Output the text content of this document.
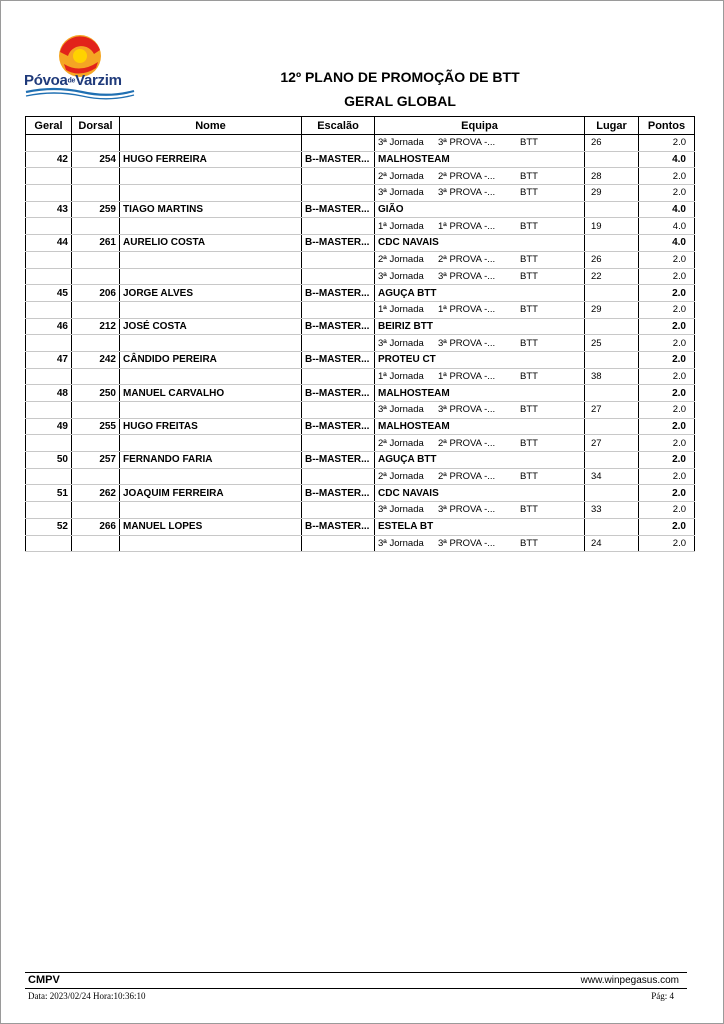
PóvoadeVarzim	12º PLANO DE PROMOÇÃO DE BTT
GERAL GLOBAL
Geral	Dorsal	Nome	Escalão	Equipa	Lugar	Pontos
				3ª Jornada 3ª PROVA -... BTT	26	2.0
42	254	HUGO FERREIRA	B--MASTER...	MALHOSTEAM		4.0
				2ª Jornada 2ª PROVA -... BTT	28	2.0
				3ª Jornada 3ª PROVA -... BTT	29	2.0
43	259	TIAGO MARTINS	B--MASTER...	GIÃO		4.0
				1ª Jornada 1ª PROVA -... BTT	19	4.0
44	261	AURELIO COSTA	B--MASTER...	CDC NAVAIS		4.0
				2ª Jornada 2ª PROVA -... BTT	26	2.0
				3ª Jornada 3ª PROVA -... BTT	22	2.0
45	206	JORGE ALVES	B--MASTER...	AGUÇA BTT		2.0
				1ª Jornada 1ª PROVA -... BTT	29	2.0
46	212	JOSÉ COSTA	B--MASTER...	BEIRIZ BTT		2.0
				3ª Jornada 3ª PROVA -... BTT	25	2.0
47	242	CÂNDIDO PEREIRA	B--MASTER...	PROTEU CT		2.0
				1ª Jornada 1ª PROVA -... BTT	38	2.0
48	250	MANUEL CARVALHO	B--MASTER...	MALHOSTEAM		2.0
				3ª Jornada 3ª PROVA -... BTT	27	2.0
49	255	HUGO FREITAS	B--MASTER...	MALHOSTEAM		2.0
				2ª Jornada 2ª PROVA -... BTT	27	2.0
50	257	FERNANDO FARIA	B--MASTER...	AGUÇA BTT		2.0
				2ª Jornada 2ª PROVA -... BTT	34	2.0
51	262	JOAQUIM FERREIRA	B--MASTER...	CDC NAVAIS		2.0
				3ª Jornada 3ª PROVA -... BTT	33	2.0
52	266	MANUEL LOPES	B--MASTER...	ESTELA BT		2.0
				3ª Jornada 3ª PROVA -... BTT	24	2.0
CMPV	www.winpegasus.com
Data: 2023/02/24 Hora:10:36:10	Pág: 4
